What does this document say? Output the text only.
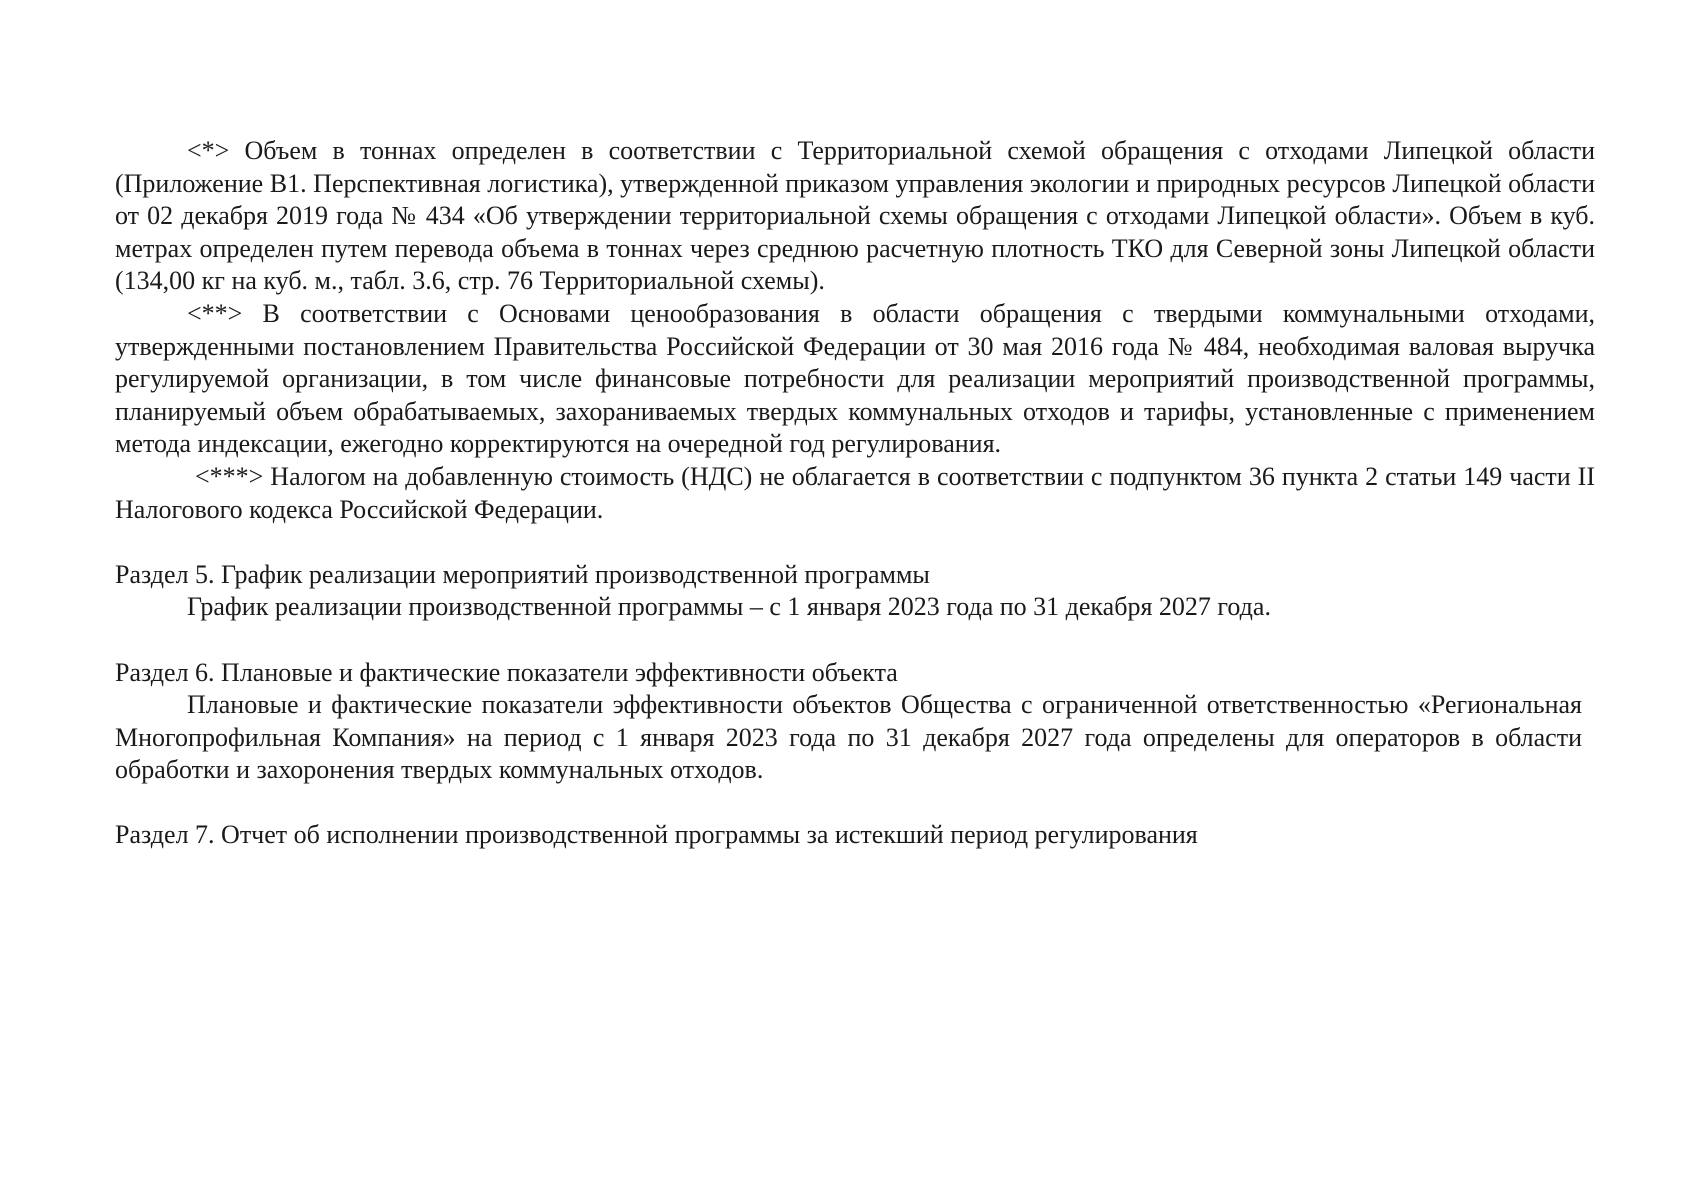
<*> Объем в тоннах определен в соответствии с Территориальной схемой обращения с отходами Липецкой области (Приложение В1. Перспективная логистика), утвержденной приказом управления экологии и природных ресурсов Липецкой области от 02 декабря 2019 года № 434 «Об утверждении территориальной схемы обращения с отходами Липецкой области». Объем в куб. метрах определен путем перевода объема в тоннах через среднюю расчетную плотность ТКО для Северной зоны Липецкой области (134,00 кг на куб. м., табл. 3.6, стр. 76 Территориальной схемы).

<**> В соответствии с Основами ценообразования в области обращения с твердыми коммунальными отходами, утвержденными постановлением Правительства Российской Федерации от 30 мая 2016 года № 484, необходимая валовая выручка регулируемой организации, в том числе финансовые потребности для реализации мероприятий производственной программы, планируемый объем обрабатываемых, захораниваемых твердых коммунальных отходов и тарифы, установленные с применением метода индексации, ежегодно корректируются на очередной год регулирования.

<***> Налогом на добавленную стоимость (НДС) не облагается в соответствии с подпунктом 36 пункта 2 статьи 149 части II Налогового кодекса Российской Федерации.

Раздел 5. График реализации мероприятий производственной программы

График реализации производственной программы – с 1 января 2023 года по 31 декабря 2027 года.

Раздел 6. Плановые и фактические показатели эффективности объекта

Плановые и фактические показатели эффективности объектов Общества с ограниченной ответственностью «Региональная Многопрофильная Компания» на период с 1 января 2023 года по 31 декабря 2027 года определены для операторов в области обработки и захоронения твердых коммунальных отходов.

Раздел 7. Отчет об исполнении производственной программы за истекший период регулирования
